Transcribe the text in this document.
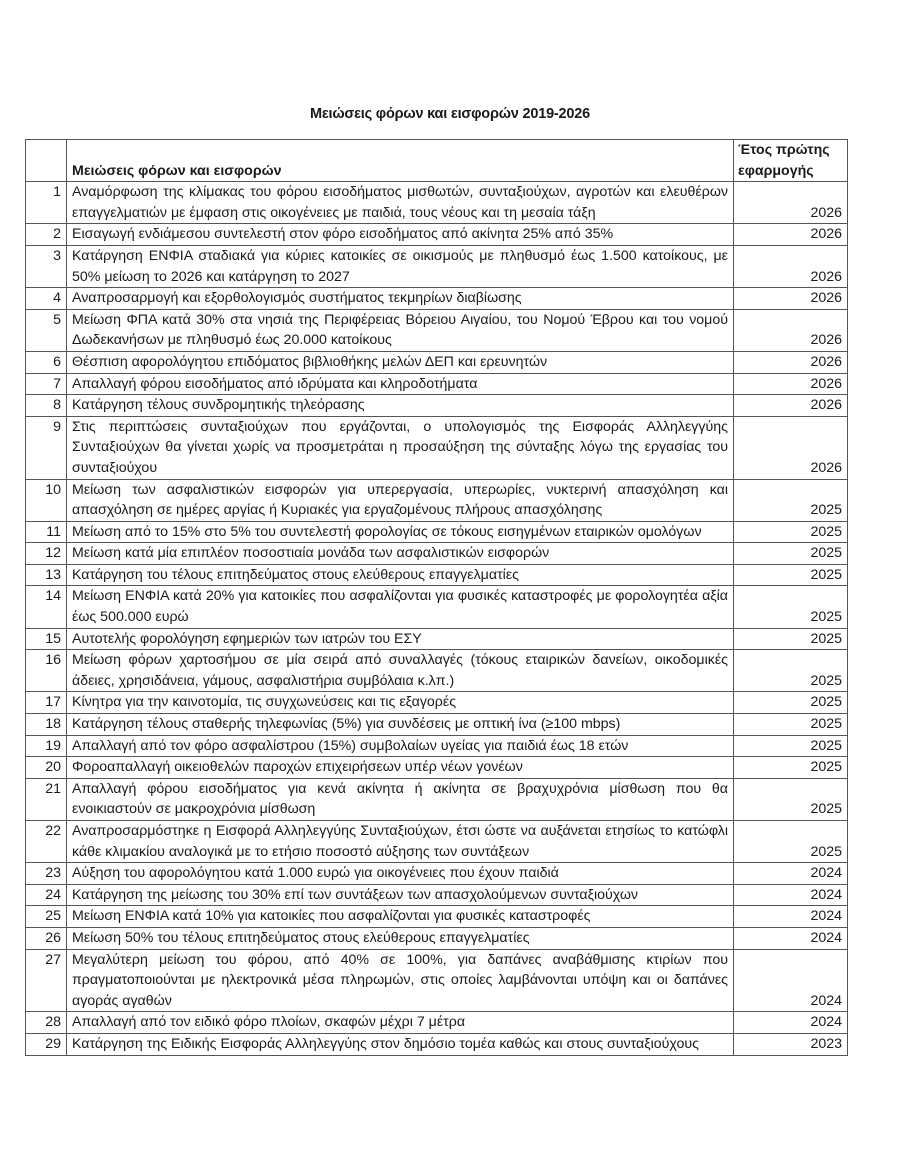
Μειώσεις φόρων και εισφορών 2019-2026
	Μειώσεις φόρων και εισφορών	Έτος πρώτης εφαρμογής
1	Αναμόρφωση της κλίμακας του φόρου εισοδήματος μισθωτών, συνταξιούχων, αγροτών και ελευθέρων επαγγελματιών με έμφαση στις οικογένειες με παιδιά, τους νέους και τη μεσαία τάξη	2026
2	Εισαγωγή ενδιάμεσου συντελεστή στον φόρο εισοδήματος από ακίνητα 25% από 35%	2026
3	Κατάργηση ΕΝΦΙΑ σταδιακά για κύριες κατοικίες σε οικισμούς με πληθυσμό έως 1.500 κατοίκους, με 50% μείωση το 2026 και κατάργηση το 2027	2026
4	Αναπροσαρμογή και εξορθολογισμός συστήματος τεκμηρίων διαβίωσης	2026
5	Μείωση ΦΠΑ κατά 30% στα νησιά της Περιφέρειας Βόρειου Αιγαίου, του Νομού Έβρου και του νομού Δωδεκανήσων με πληθυσμό έως 20.000 κατοίκους	2026
6	Θέσπιση αφορολόγητου επιδόματος βιβλιοθήκης μελών ΔΕΠ και ερευνητών	2026
7	Απαλλαγή φόρου εισοδήματος από ιδρύματα και κληροδοτήματα	2026
8	Κατάργηση τέλους συνδρομητικής τηλεόρασης	2026
9	Στις περιπτώσεις συνταξιούχων που εργάζονται, ο υπολογισμός της Εισφοράς Αλληλεγγύης Συνταξιούχων θα γίνεται χωρίς να προσμετράται η προσαύξηση της σύνταξης λόγω της εργασίας του συνταξιούχου	2026
10	Μείωση των ασφαλιστικών εισφορών για υπερεργασία, υπερωρίες, νυκτερινή απασχόληση και απασχόληση σε ημέρες αργίας ή Κυριακές για εργαζομένους πλήρους απασχόλησης	2025
11	Μείωση από το 15% στο 5% του συντελεστή φορολογίας σε τόκους εισηγμένων εταιρικών ομολόγων	2025
12	Μείωση κατά μία επιπλέον ποσοστιαία μονάδα των ασφαλιστικών εισφορών	2025
13	Κατάργηση του τέλους επιτηδεύματος στους ελεύθερους επαγγελματίες	2025
14	Μείωση ΕΝΦΙΑ κατά 20% για κατοικίες που ασφαλίζονται για φυσικές καταστροφές με φορολογητέα αξία έως 500.000 ευρώ	2025
15	Αυτοτελής φορολόγηση εφημεριών των ιατρών του ΕΣΥ	2025
16	Μείωση φόρων χαρτοσήμου σε μία σειρά από συναλλαγές (τόκους εταιρικών δανείων, οικοδομικές άδειες, χρησιδάνεια, γάμους, ασφαλιστήρια συμβόλαια κ.λπ.)	2025
17	Κίνητρα για την καινοτομία, τις συγχωνεύσεις και τις εξαγορές	2025
18	Κατάργηση τέλους σταθερής τηλεφωνίας (5%) για συνδέσεις με οπτική ίνα (≥100 mbps)	2025
19	Απαλλαγή από τον φόρο ασφαλίστρου (15%) συμβολαίων υγείας για παιδιά έως 18 ετών	2025
20	Φοροαπαλλαγή οικειοθελών παροχών επιχειρήσεων υπέρ νέων γονέων	2025
21	Απαλλαγή φόρου εισοδήματος για κενά ακίνητα ή ακίνητα σε βραχυχρόνια μίσθωση που θα ενοικιαστούν σε μακροχρόνια μίσθωση	2025
22	Αναπροσαρμόστηκε η Εισφορά Αλληλεγγύης Συνταξιούχων, έτσι ώστε να αυξάνεται ετησίως το κατώφλι κάθε κλιμακίου αναλογικά με το ετήσιο ποσοστό αύξησης των συντάξεων	2025
23	Αύξηση του αφορολόγητου κατά 1.000 ευρώ για οικογένειες που έχουν παιδιά	2024
24	Κατάργηση της μείωσης του 30% επί των συντάξεων των απασχολούμενων συνταξιούχων	2024
25	Μείωση ΕΝΦΙΑ κατά 10% για κατοικίες που ασφαλίζονται για φυσικές καταστροφές	2024
26	Μείωση 50% του τέλους επιτηδεύματος στους ελεύθερους επαγγελματίες	2024
27	Μεγαλύτερη μείωση του φόρου, από 40% σε 100%, για δαπάνες αναβάθμισης κτιρίων που πραγματοποιούνται με ηλεκτρονικά μέσα πληρωμών, στις οποίες λαμβάνονται υπόψη και οι δαπάνες αγοράς αγαθών	2024
28	Απαλλαγή από τον ειδικό φόρο πλοίων, σκαφών μέχρι 7 μέτρα	2024
29	Κατάργηση της Ειδικής Εισφοράς Αλληλεγγύης στον δημόσιο τομέα καθώς και στους συνταξιούχους	2023
